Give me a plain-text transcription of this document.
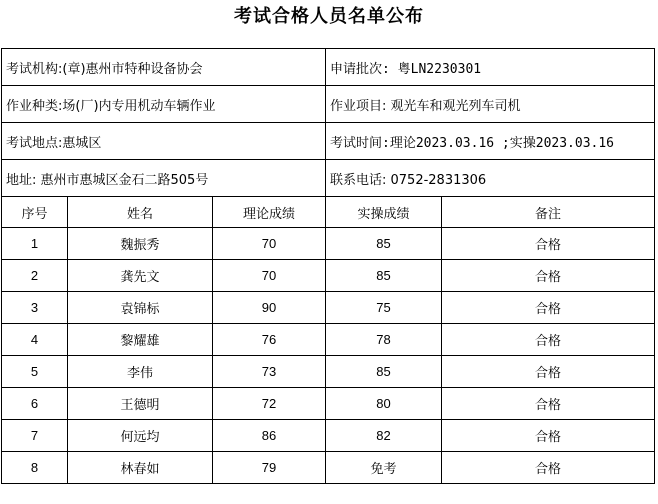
考试合格人员名单公布
考试机构:(章)惠州市特种设备协会			申请批次: 粤LN2230301	
作业种类:场(厂)内专用机动车辆作业			作业项目: 观光车和观光列车司机	
考试地点:惠城区			考试时间:理论2023.03.16 ;实操2023.03.16	
地址: 惠州市惠城区金石二路505号			联系电话: 0752-2831306	
序号	姓名	理论成绩	实操成绩	备注
1	魏振秀	70	85	合格
2	龚先文	70	85	合格
3	袁锦标	90	75	合格
4	黎耀雄	76	78	合格
5	李伟	73	85	合格
6	王德明	72	80	合格
7	何远均	86	82	合格
8	林春如	79	免考	合格
